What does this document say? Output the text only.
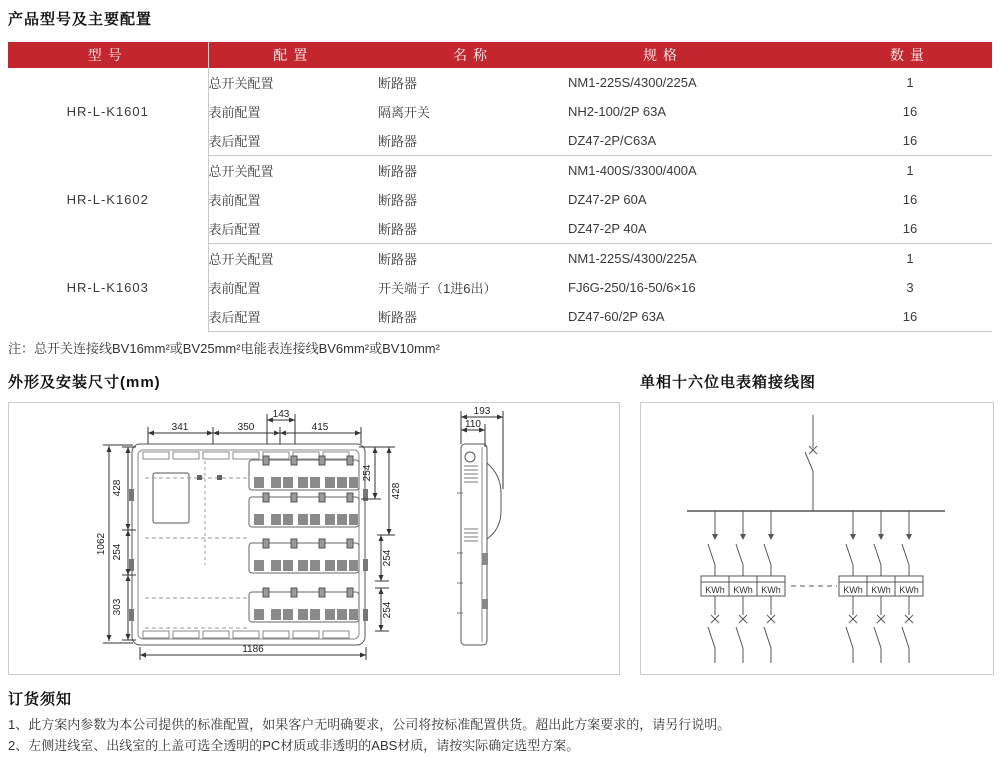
产品型号及主要配置
型号	配置	名称	规格	数量
HR-L-K1601	总开关配置	断路器	NM1-225S/4300/225A	1
	表前配置	隔离开关	NH2-100/2P 63A	16
	表后配置	断路器	DZ47-2P/C63A	16
HR-L-K1602	总开关配置	断路器	NM1-400S/3300/400A	1
	表前配置	断路器	DZ47-2P 60A	16
	表后配置	断路器	DZ47-2P 40A	16
HR-L-K1603	总开关配置	断路器	NM1-225S/4300/225A	1
	表前配置	开关端子（1进6出）	FJ6G-250/16-50/6×16	3
	表后配置	断路器	DZ47-60/2P 63A	16
注：总开关连接线BV16mm²或BV25mm²电能表连接线BV6mm²或BV10mm²
外形及安装尺寸(mm)	单相十六位电表箱接线图
341	350	415
143
1062
428
254
303
254
428
254
254
1186
193
110
KWh KWh KWh	KWh KWh KWh
订货须知
1、此方案内参数为本公司提供的标准配置，如果客户无明确要求，公司将按标准配置供货。超出此方案要求的，请另行说明。
2、左侧进线室、出线室的上盖可选全透明的PC材质或非透明的ABS材质，请按实际确定选型方案。
